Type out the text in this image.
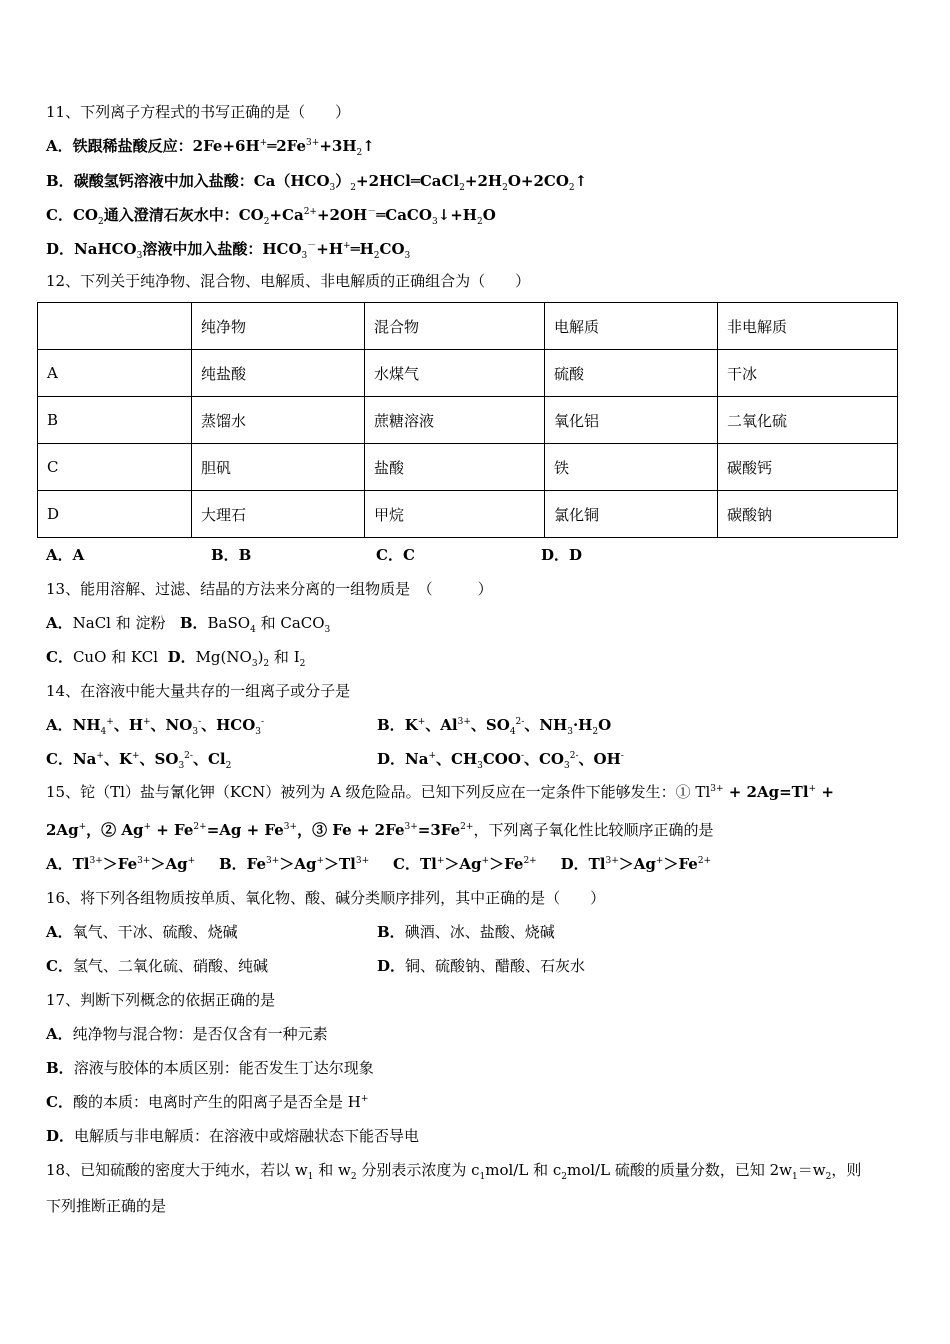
11、下列离子方程式的书写正确的是（　　）
A．铁跟稀盐酸反应：$2Fe+6H^+═2Fe^{3+}+3H_2↑$
B．碳酸氢钙溶液中加入盐酸：$Ca(HCO_3)_2+2HCl═CaCl_2+2H_2O+2CO_2↑$
C．$CO_2$通入澄清石灰水中：$CO_2+Ca^{2+}+2OH^-═CaCO_3↓+H_2O$
D．NaHCO$_3$溶液中加入盐酸：$HCO_3^-+H^+═H_2CO_3$
12、下列关于纯净物、混合物、电解质、非电解质的正确组合为（　　）
	纯净物	混合物	电解质	非电解质
A	纯盐酸	水煤气	硫酸	干冰
B	蒸馏水	蔗糖溶液	氧化铝	二氧化硫
C	胆矾	盐酸	铁	碳酸钙
D	大理石	甲烷	氯化铜	碳酸钠
A．A	B．B	C．C	D．D
13、能用溶解、过滤、结晶的方法来分离的一组物质是　（　　　）
A．NaCl 和 淀粉 B．BaSO$_4$ 和 CaCO$_3$
C．CuO 和 KCl D．$Mg(NO_3)_2$ 和 $I_2$
14、在溶液中能大量共存的一组离子或分子是
A．$NH_4^+$、H+、$NO_3^-$、$HCO_3^-$	B．K+、$Al^{3+}$、$SO_4^{2-}$、$NH_3\cdot H_2O$
C．Na+、K+、$SO_3^{2-}$、$Cl_2$	D．Na+、$CH_3COO^-$、$CO_3^{2-}$、OH-
15、铊（Tl）盐与氰化钾（KCN）被列为 A 级危险品。已知下列反应在一定条件下能够发生：① $Tl^{3+} + 2Ag=Tl^+$ +
2Ag+，② $Ag^+ + Fe^{2+}=Ag + Fe^{3+}$，③ $Fe + 2Fe^{3+}=3Fe^{2+}$，下列离子氧化性比较顺序正确的是
A．$Tl^{3+}>Fe^{3+}>Ag^+$ B．$Fe^{3+}>Ag^+>Tl^{3+}$ C．$Tl^+>Ag^+>Fe^{2+}$ D．$Tl^{3+}>Ag^+>Fe^{2+}$
16、将下列各组物质按单质、氧化物、酸、碱分类顺序排列，其中正确的是（　　）
A．氧气、干冰、硫酸、烧碱	B．碘酒、冰、盐酸、烧碱
C．氢气、二氧化硫、硝酸、纯碱	D．铜、硫酸钠、醋酸、石灰水
17、判断下列概念的依据正确的是
A．纯净物与混合物：是否仅含有一种元素
B．溶液与胶体的本质区别：能否发生丁达尔现象
C．酸的本质：电离时产生的阳离子是否全是 H+
D．电解质与非电解质：在溶液中或熔融状态下能否导电
18、已知硫酸的密度大于纯水，若以 $w_1$ 和 $w_2$ 分别表示浓度为 $c_1mol/L$ 和 $c_2mol/L$ 硫酸的质量分数，已知 $2w_1=w_2$，则
下列推断正确的是
